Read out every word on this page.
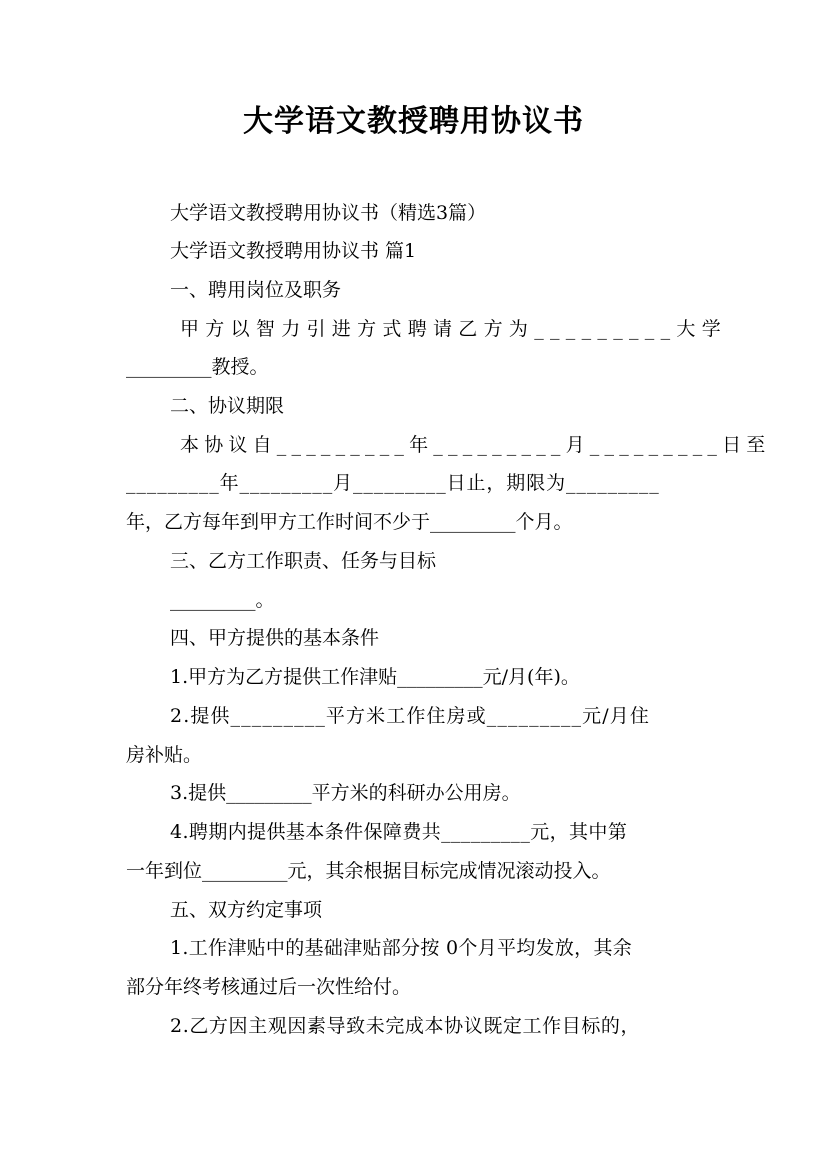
大学语文教授聘用协议书
大学语文教授聘用协议书（精选3篇）
大学语文教授聘用协议书 篇1
一、聘用岗位及职务
甲方以智力引进方式聘请乙方为_________大学
_________教授。
二、协议期限
本协议自_________年_________月_________日至
_________年_________月_________日止，期限为_________
年，乙方每年到甲方工作时间不少于_________个月。
三、乙方工作职责、任务与目标
_________。
四、甲方提供的基本条件
1.甲方为乙方提供工作津贴_________元/月(年)。
2.提供_________平方米工作住房或_________元/月住
房补贴。
3.提供_________平方米的科研办公用房。
4.聘期内提供基本条件保障费共_________元，其中第
一年到位_________元，其余根据目标完成情况滚动投入。
五、双方约定事项
1.工作津贴中的基础津贴部分按 0个月平均发放，其余
部分年终考核通过后一次性给付。
2.乙方因主观因素导致未完成本协议既定工作目标的，
